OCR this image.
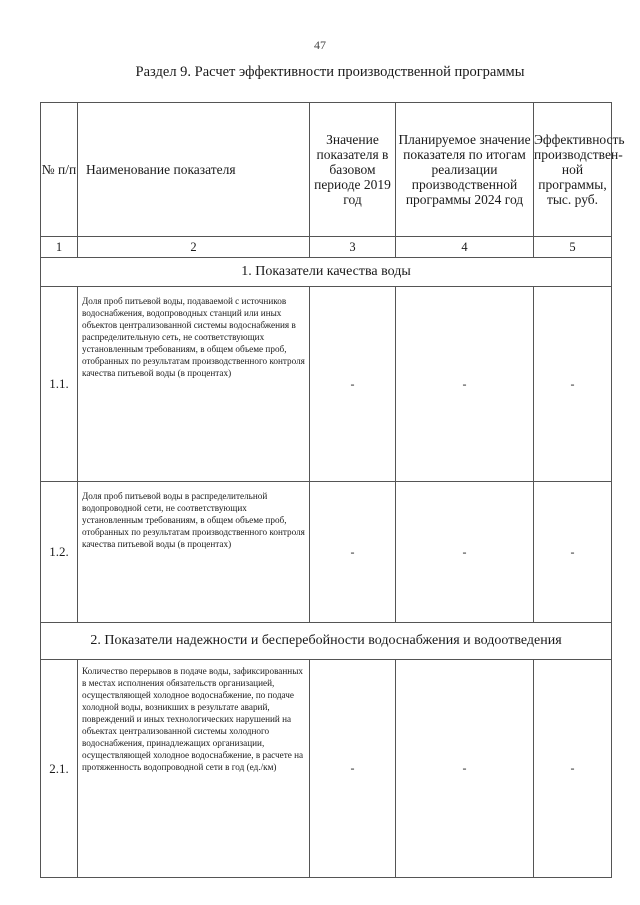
47
Раздел 9. Расчет эффективности производственной программы
№ п/п	Наименование показателя	Значение показателя в базовом периоде 2019 год	Планируемое значение показателя по итогам реализации производственной программы 2024 год	Эффективность производствен-ной программы, тыс. руб.
1	2	3	4	5
1. Показатели качества воды				
1.1.	Доля проб питьевой воды, подаваемой с источников водоснабжения, водопроводных станций или иных объектов централизованной системы водоснабжения в распределительную сеть, не соответствующих установленным требованиям, в общем объеме проб, отобранных по результатам производственного контроля качества питьевой воды (в процентах)	-	-	-
1.2.	Доля проб питьевой воды в распределительной водопроводной сети, не соответствующих установленным требованиям, в общем объеме проб, отобранных по результатам производственного контроля качества питьевой воды (в процентах)	-	-	-
2. Показатели надежности и бесперебойности водоснабжения и водоотведения				
2.1.	Количество перерывов в подаче воды, зафиксированных в местах исполнения обязательств организацией, осуществляющей холодное водоснабжение, по подаче холодной воды, возникших в результате аварий, повреждений и иных технологических нарушений на объектах централизованной системы холодного водоснабжения, принадлежащих организации, осуществляющей холодное водоснабжение, в расчете на протяженность водопроводной сети в год (ед./км)	-	-	-
